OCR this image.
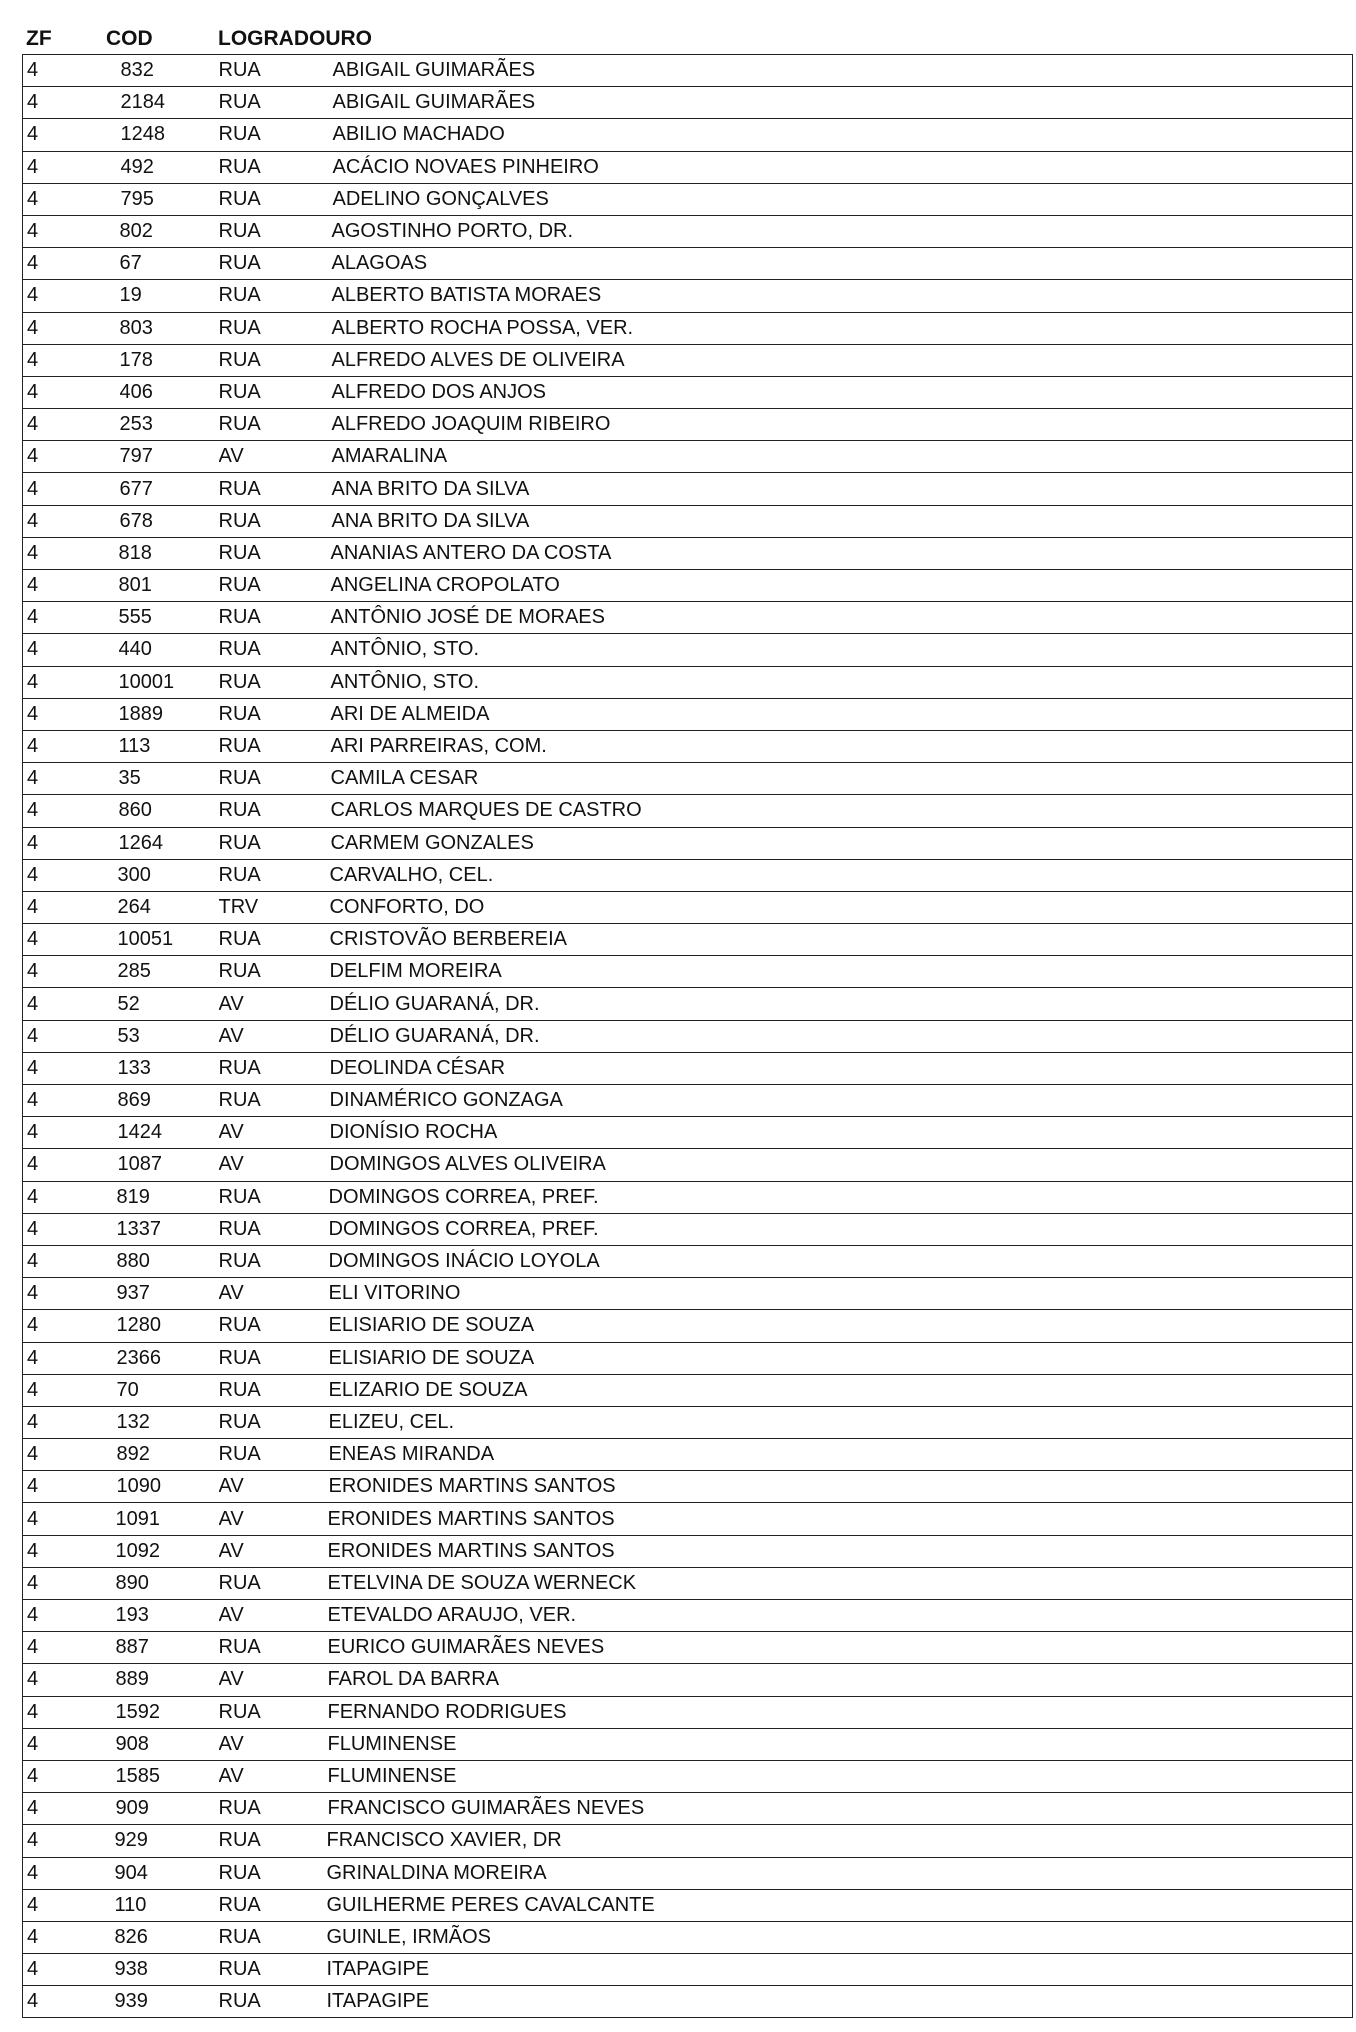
ZF	COD	LOGRADOURO
4	832	RUA	ABIGAIL GUIMARÃES
4	2184	RUA	ABIGAIL GUIMARÃES
4	1248	RUA	ABILIO MACHADO
4	492	RUA	ACÁCIO NOVAES PINHEIRO
4	795	RUA	ADELINO GONÇALVES
4	802	RUA	AGOSTINHO PORTO, DR.
4	67	RUA	ALAGOAS
4	19	RUA	ALBERTO BATISTA MORAES
4	803	RUA	ALBERTO ROCHA POSSA, VER.
4	178	RUA	ALFREDO ALVES DE OLIVEIRA
4	406	RUA	ALFREDO DOS ANJOS
4	253	RUA	ALFREDO JOAQUIM RIBEIRO
4	797	AV	AMARALINA
4	677	RUA	ANA BRITO DA SILVA
4	678	RUA	ANA BRITO DA SILVA
4	818	RUA	ANANIAS ANTERO DA COSTA
4	801	RUA	ANGELINA CROPOLATO
4	555	RUA	ANTÔNIO JOSÉ DE MORAES
4	440	RUA	ANTÔNIO, STO.
4	10001	RUA	ANTÔNIO, STO.
4	1889	RUA	ARI DE ALMEIDA
4	113	RUA	ARI PARREIRAS, COM.
4	35	RUA	CAMILA CESAR
4	860	RUA	CARLOS MARQUES DE CASTRO
4	1264	RUA	CARMEM GONZALES
4	300	RUA	CARVALHO, CEL.
4	264	TRV	CONFORTO, DO
4	10051	RUA	CRISTOVÃO BERBEREIA
4	285	RUA	DELFIM MOREIRA
4	52	AV	DÉLIO GUARANÁ, DR.
4	53	AV	DÉLIO GUARANÁ, DR.
4	133	RUA	DEOLINDA CÉSAR
4	869	RUA	DINAMÉRICO GONZAGA
4	1424	AV	DIONÍSIO ROCHA
4	1087	AV	DOMINGOS ALVES OLIVEIRA
4	819	RUA	DOMINGOS CORREA, PREF.
4	1337	RUA	DOMINGOS CORREA, PREF.
4	880	RUA	DOMINGOS INÁCIO LOYOLA
4	937	AV	ELI VITORINO
4	1280	RUA	ELISIARIO DE SOUZA
4	2366	RUA	ELISIARIO DE SOUZA
4	70	RUA	ELIZARIO DE SOUZA
4	132	RUA	ELIZEU, CEL.
4	892	RUA	ENEAS MIRANDA
4	1090	AV	ERONIDES MARTINS SANTOS
4	1091	AV	ERONIDES MARTINS SANTOS
4	1092	AV	ERONIDES MARTINS SANTOS
4	890	RUA	ETELVINA DE SOUZA WERNECK
4	193	AV	ETEVALDO ARAUJO, VER.
4	887	RUA	EURICO GUIMARÃES NEVES
4	889	AV	FAROL DA BARRA
4	1592	RUA	FERNANDO RODRIGUES
4	908	AV	FLUMINENSE
4	1585	AV	FLUMINENSE
4	909	RUA	FRANCISCO GUIMARÃES NEVES
4	929	RUA	FRANCISCO XAVIER, DR
4	904	RUA	GRINALDINA MOREIRA
4	110	RUA	GUILHERME PERES CAVALCANTE
4	826	RUA	GUINLE, IRMÃOS
4	938	RUA	ITAPAGIPE
4	939	RUA	ITAPAGIPE
